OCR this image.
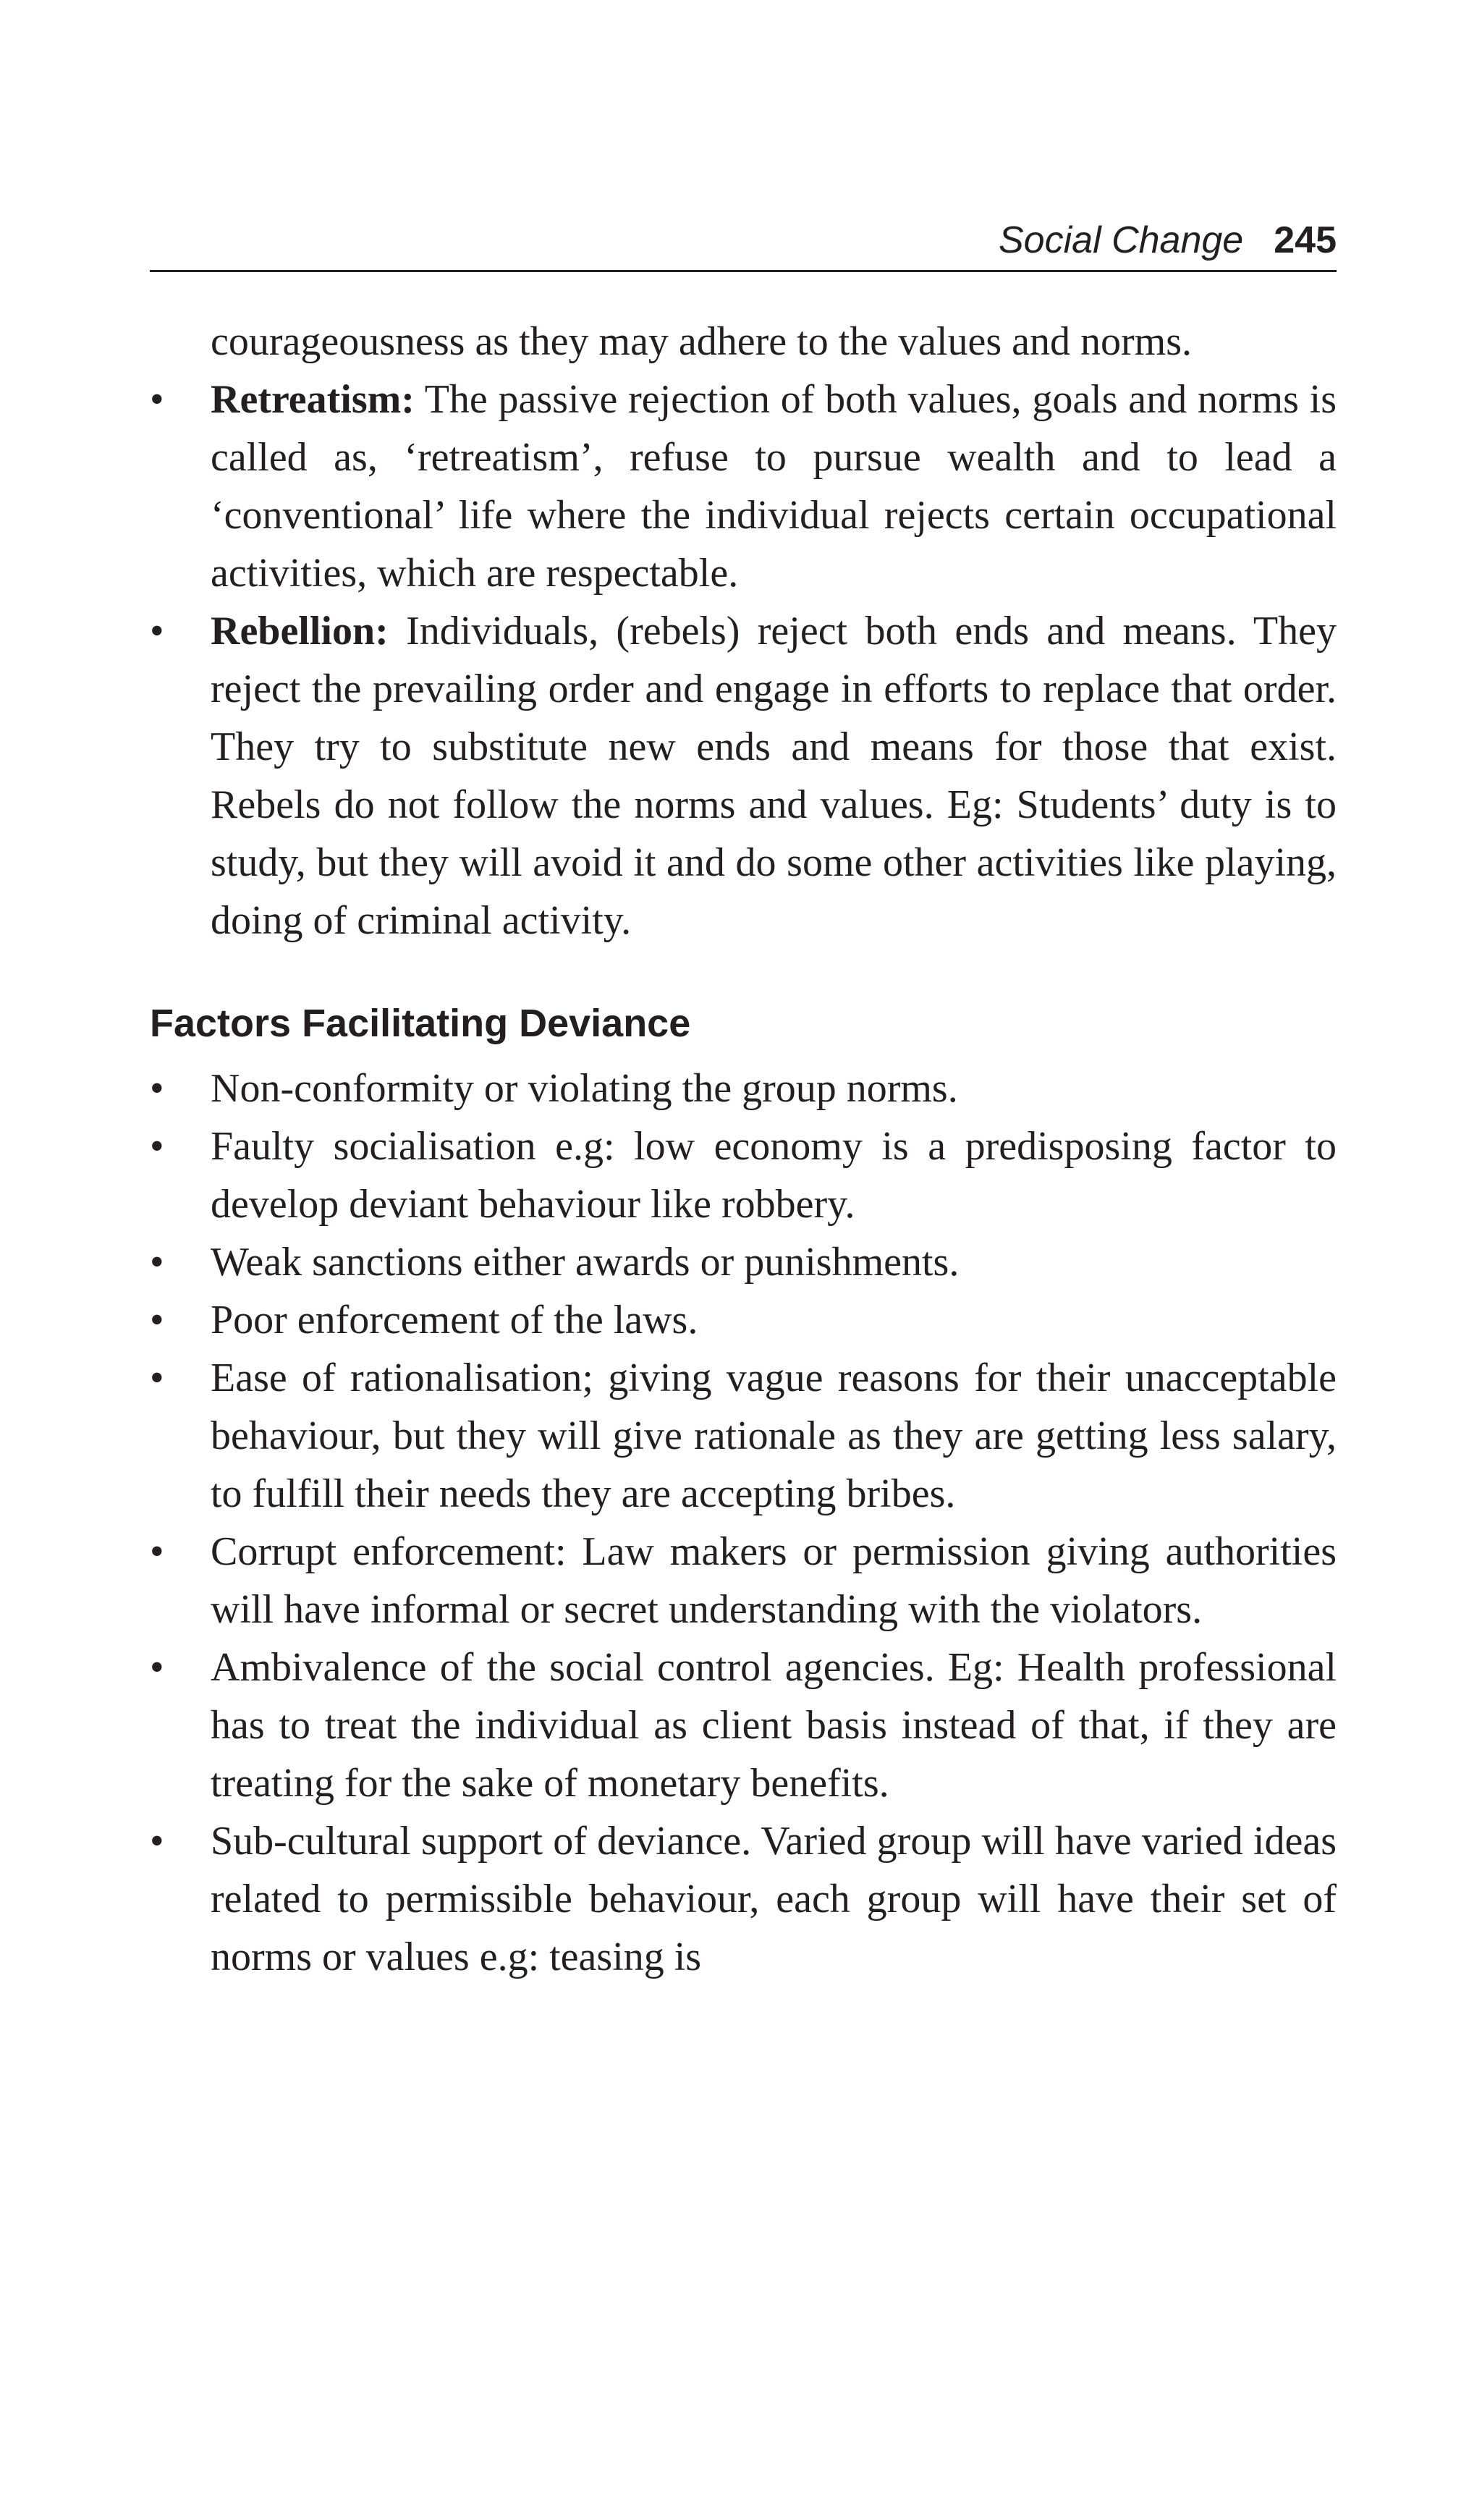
Social Change 245

courageousness as they may adhere to the values and norms.

•	Retreatism: The passive rejection of both values, goals and norms is called as, ‘retreatism’, refuse to pursue wealth and to lead a ‘conventional’ life where the individual rejects certain occupational activities, which are respectable.
•	Rebellion: Individuals, (rebels) reject both ends and means. They reject the prevailing order and engage in efforts to replace that order. They try to substitute new ends and means for those that exist. Rebels do not follow the norms and values. Eg: Students’ duty is to study, but they will avoid it and do some other activities like playing, doing of criminal activity.
Factors Facilitating Deviance
•	Non-conformity or violating the group norms.
•	Faulty socialisation e.g: low economy is a predisposing factor to develop deviant behaviour like robbery.
•	Weak sanctions either awards or punishments.
•	Poor enforcement of the laws.
•	Ease of rationalisation; giving vague reasons for their unacceptable behaviour, but they will give rationale as they are getting less salary, to fulfill their needs they are accepting bribes.
•	Corrupt enforcement: Law makers or permission giving authorities will have informal or secret understanding with the violators.
•	Ambivalence of the social control agencies. Eg: Health professional has to treat the individual as client basis instead of that, if they are treating for the sake of monetary benefits.
•	Sub-cultural support of deviance. Varied group will have varied ideas related to permissible behaviour, each group will have their set of norms or values e.g: teasing is
